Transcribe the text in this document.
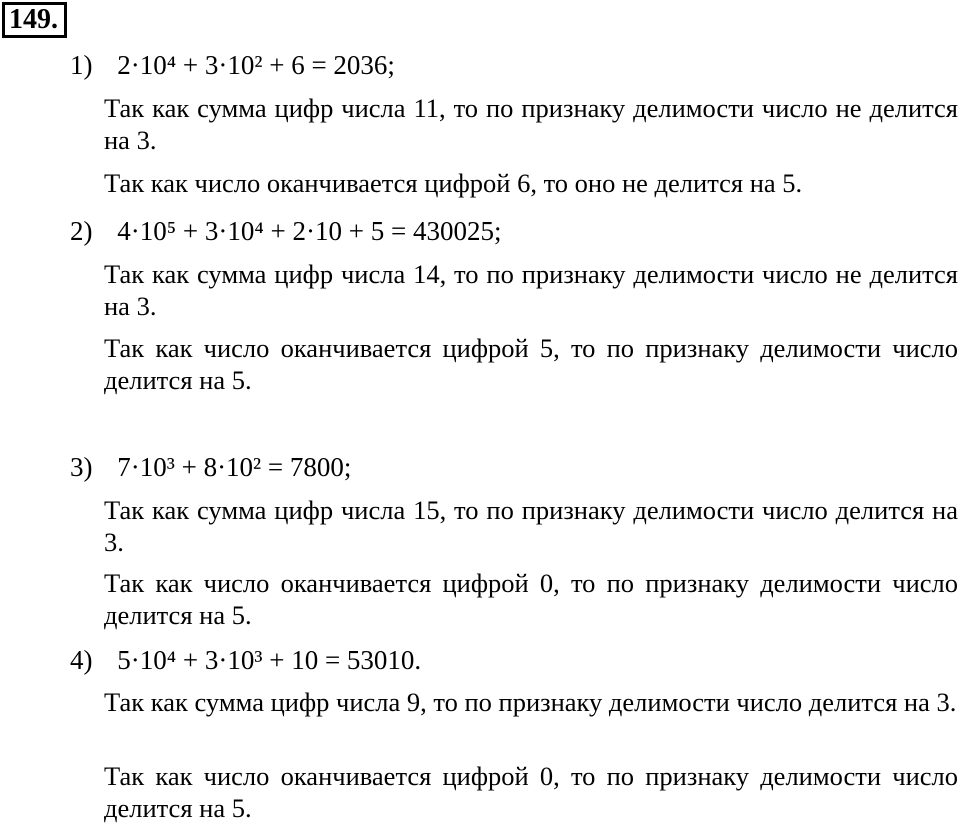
149.
1) 2·10⁴ + 3·10² + 6 = 2036;
Так как сумма цифр числа 11, то по признаку делимости число не делится на 3.
Так как число оканчивается цифрой 6, то оно не делится на 5.
2) 4·10⁵ + 3·10⁴ + 2·10 + 5 = 430025;
Так как сумма цифр числа 14, то по признаку делимости число не делится на 3.
Так как число оканчивается цифрой 5, то по признаку делимости число делится на 5.
3) 7·10³ + 8·10² = 7800;
Так как сумма цифр числа 15, то по признаку делимости число делится на 3.
Так как число оканчивается цифрой 0, то по признаку делимости число делится на 5.
4) 5·10⁴ + 3·10³ + 10 = 53010.
Так как сумма цифр числа 9, то по признаку делимости число делится на 3.
Так как число оканчивается цифрой 0, то по признаку делимости число делится на 5.
